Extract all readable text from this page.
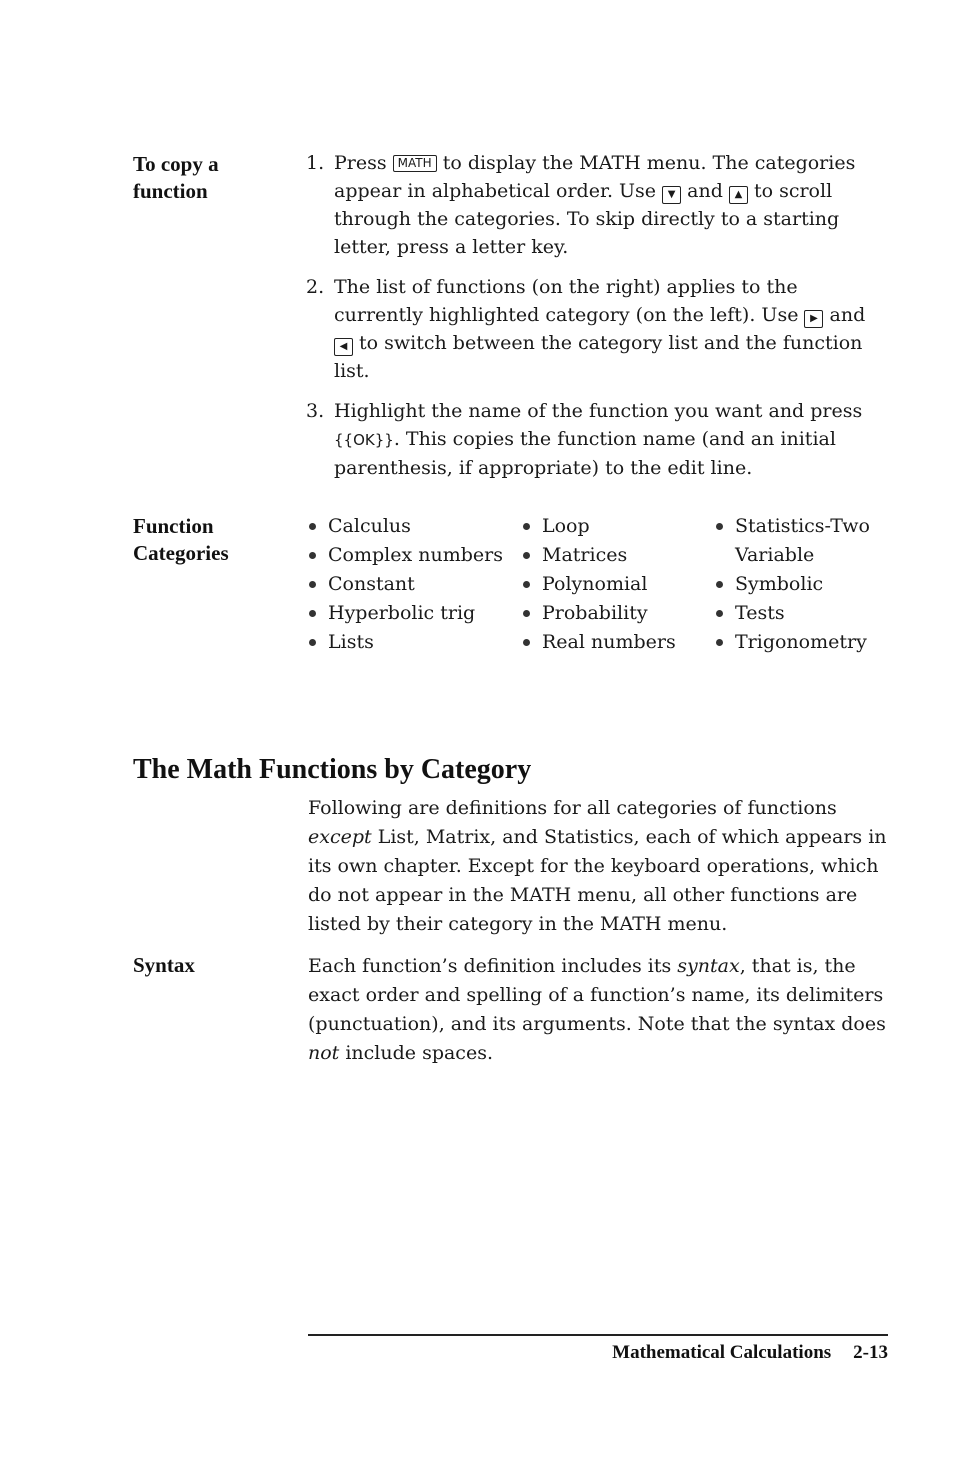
To copy a function
1. Press MATH to display the MATH menu. The categories appear in alphabetical order. Use ▼ and ▲ to scroll through the categories. To skip directly to a starting letter, press a letter key.
2. The list of functions (on the right) applies to the currently highlighted category (on the left). Use ▶ and ◀ to switch between the category list and the function list.
3. Highlight the name of the function you want and press {{OK}}. This copies the function name (and an initial parenthesis, if appropriate) to the edit line.
Function Categories
Calculus
Complex numbers
Constant
Hyperbolic trig
Lists
Loop
Matrices
Polynomial
Probability
Real numbers
Statistics-Two Variable
Symbolic
Tests
Trigonometry
The Math Functions by Category
Following are definitions for all categories of functions except List, Matrix, and Statistics, each of which appears in its own chapter. Except for the keyboard operations, which do not appear in the MATH menu, all other functions are listed by their category in the MATH menu.
Syntax	Each function’s definition includes its syntax, that is, the exact order and spelling of a function’s name, its delimiters (punctuation), and its arguments. Note that the syntax does not include spaces.
Mathematical Calculations 2-13
